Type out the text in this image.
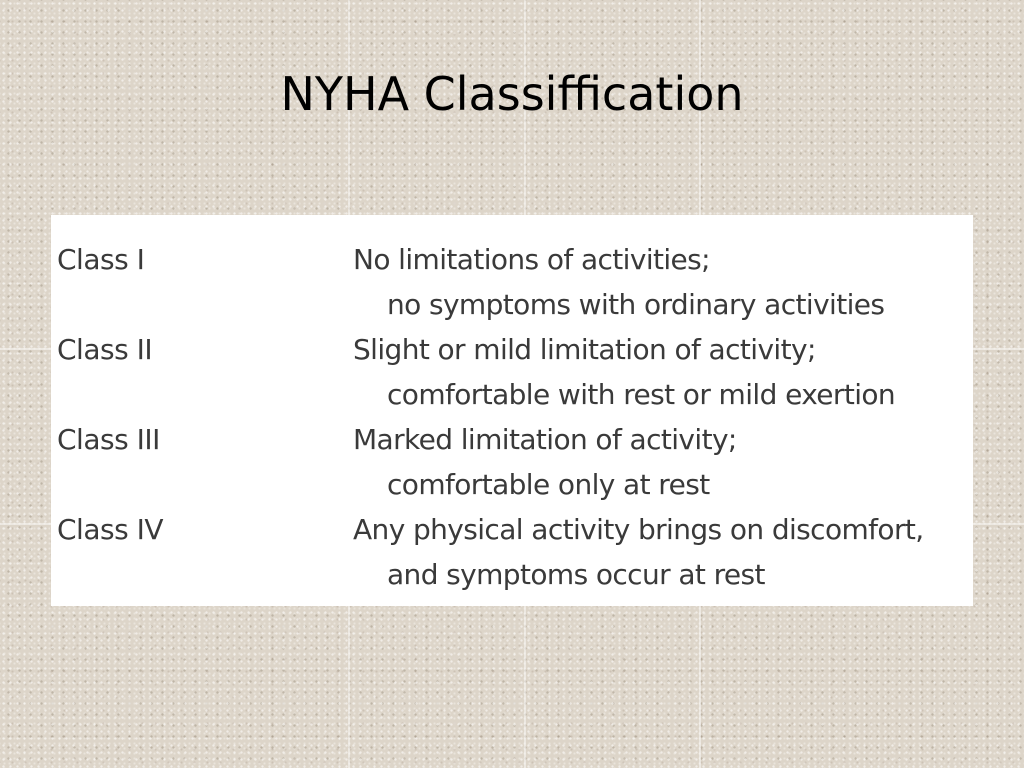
NYHA Classiffication
Class I	No limitations of activities;
no symptoms with ordinary activities
Class II	Slight or mild limitation of activity;
comfortable with rest or mild exertion
Class III	Marked limitation of activity;
comfortable only at rest
Class IV	Any physical activity brings on discomfort,
and symptoms occur at rest
